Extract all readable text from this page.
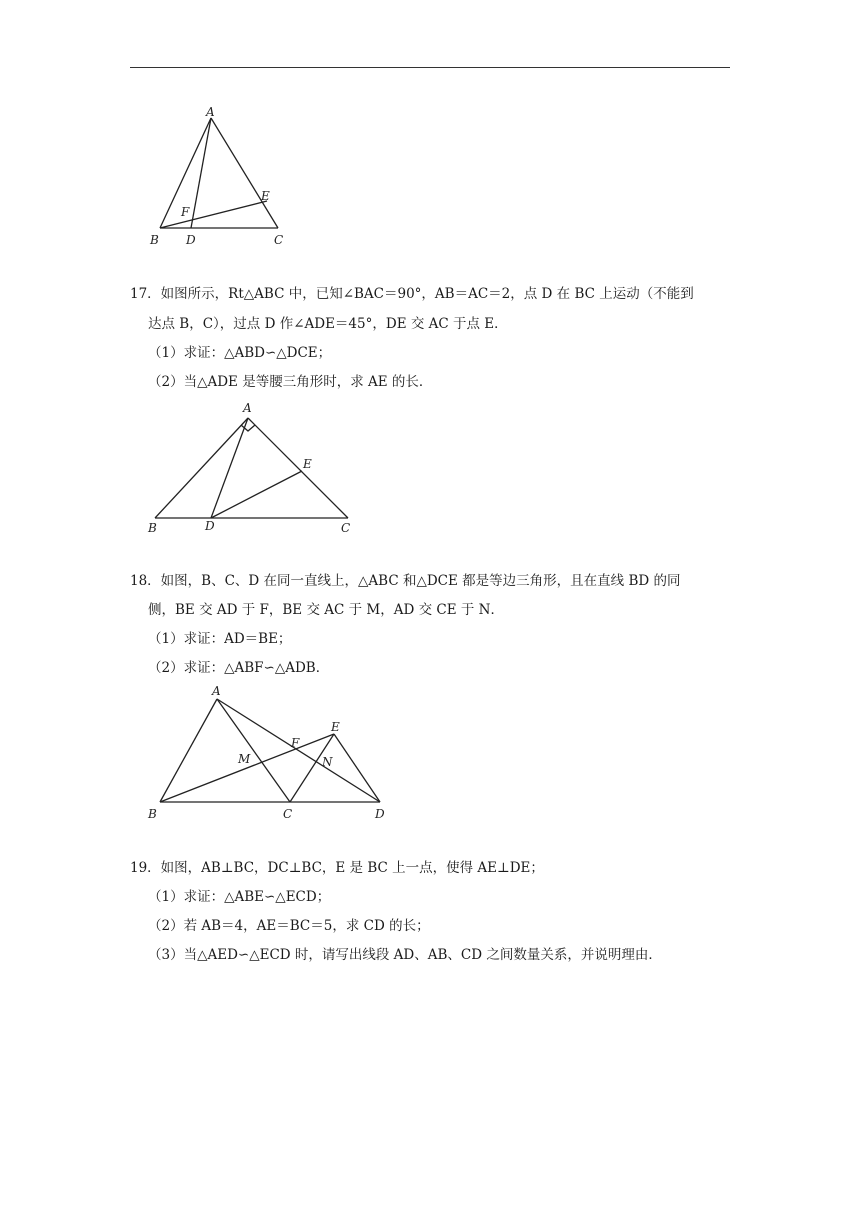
A
B	C
D
E
F
17．如图所示，Rt△ABC 中，已知∠BAC＝90°，AB＝AC＝2，点 D 在 BC 上运动（不能到
达点 B，C），过点 D 作∠ADE＝45°，DE 交 AC 于点 E．
（1）求证：△ABD∽△DCE；
（2）当△ADE 是等腰三角形时，求 AE 的长．
A
B	C
D
E
18．如图，B、C、D 在同一直线上，△ABC 和△DCE 都是等边三角形，且在直线 BD 的同
侧，BE 交 AD 于 F，BE 交 AC 于 M，AD 交 CE 于 N．
（1）求证：AD＝BE；
（2）求证：△ABF∽△ADB．
A
B	C	D
E
F
M	N
19．如图，AB⊥BC，DC⊥BC，E 是 BC 上一点，使得 AE⊥DE；
（1）求证：△ABE∽△ECD；
（2）若 AB＝4，AE＝BC＝5，求 CD 的长；
（3）当△AED∽△ECD 时，请写出线段 AD、AB、CD 之间数量关系，并说明理由．
